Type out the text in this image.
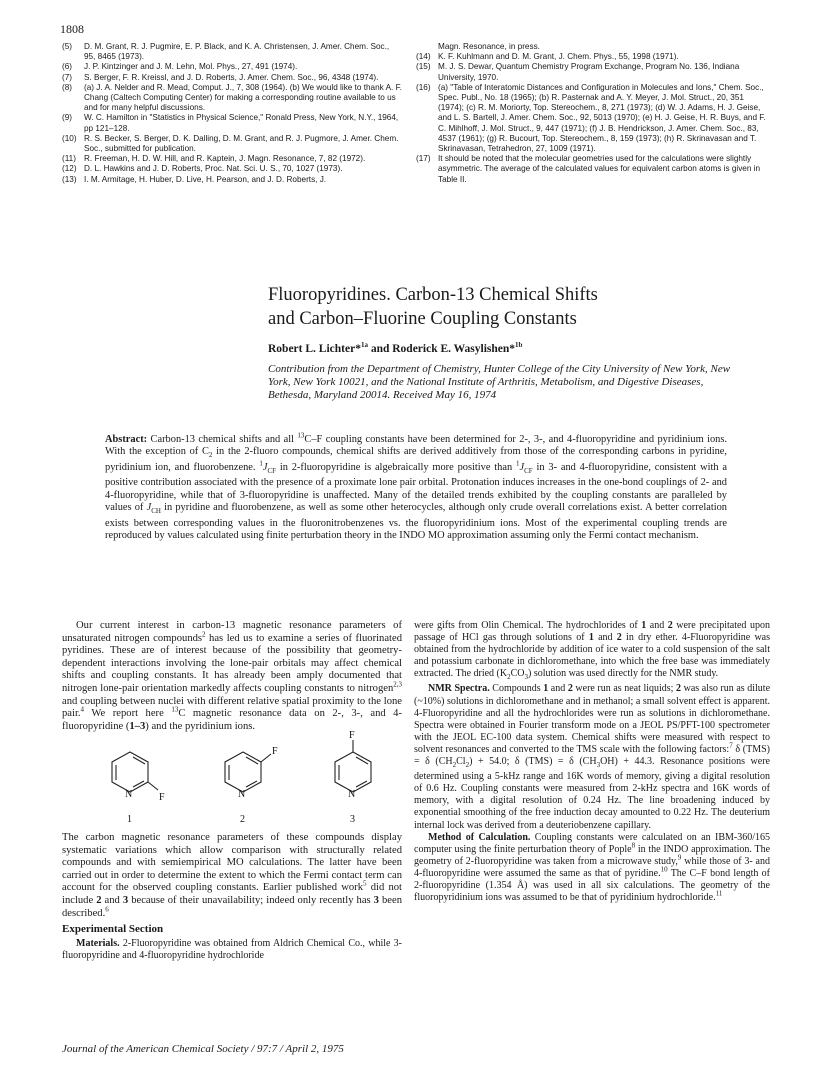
1808

(5) D. M. Grant, R. J. Pugmire, E. P. Black, and K. A. Christensen, J. Amer. Chem. Soc., 95, 8465 (1973).

(6) J. P. Kintzinger and J. M. Lehn, Mol. Phys., 27, 491 (1974).

(7) S. Berger, F. R. Kreissl, and J. D. Roberts, J. Amer. Chem. Soc., 96, 4348 (1974).

(8) (a) J. A. Nelder and R. Mead, Comput. J., 7, 308 (1964). (b) We would like to thank A. F. Chang (Caltech Computing Center) for making a corresponding routine available to us and for many helpful discussions.

(9) W. C. Hamilton in "Statistics in Physical Science," Ronald Press, New York, N.Y., 1964, pp 121–128.

(10) R. S. Becker, S. Berger, D. K. Dalling, D. M. Grant, and R. J. Pugmore, J. Amer. Chem. Soc., submitted for publication.

(11) R. Freeman, H. D. W. Hill, and R. Kaptein, J. Magn. Resonance, 7, 82 (1972).

(12) D. L. Hawkins and J. D. Roberts, Proc. Nat. Sci. U. S., 70, 1027 (1973).

(13) I. M. Armitage, H. Huber, D. Live, H. Pearson, and J. D. Roberts, J.

Magn. Resonance, in press.

(14) K. F. Kuhlmann and D. M. Grant, J. Chem. Phys., 55, 1998 (1971).

(15) M. J. S. Dewar, Quantum Chemistry Program Exchange, Program No. 136, Indiana University, 1970.

(16) (a) "Table of Interatomic Distances and Configuration in Molecules and Ions," Chem. Soc., Spec. Publ., No. 18 (1965); (b) R. Pasternak and A. Y. Meyer, J. Mol. Struct., 20, 351 (1974); (c) R. M. Moriorty, Top. Stereochem., 8, 271 (1973); (d) W. J. Adams, H. J. Geise, and L. S. Bartell, J. Amer. Chem. Soc., 92, 5013 (1970); (e) H. J. Geise, H. R. Buys, and F. C. Mihlhoff, J. Mol. Struct., 9, 447 (1971); (f) J. B. Hendrickson, J. Amer. Chem. Soc., 83, 4537 (1961); (g) R. Bucourt, Top. Stereochem., 8, 159 (1973); (h) R. Skrinavasan and T. Skrinavasan, Tetrahedron, 27, 1009 (1971).

(17) It should be noted that the molecular geometries used for the calculations were slightly asymmetric. The average of the calculated values for equivalent carbon atoms is given in Table II.

Fluoropyridines. Carbon-13 Chemical Shifts
and Carbon–Fluorine Coupling Constants
Robert L. Lichter*$^{1a}$ and Roderick E. Wasylishen*$^{1b}$
Contribution from the Department of Chemistry, Hunter College of the City University of New York, New York, New York 10021, and the National Institute of Arthritis, Metabolism, and Digestive Diseases, Bethesda, Maryland 20014. Received May 16, 1974
Abstract: Carbon-13 chemical shifts and all $^{13}$C–F coupling constants have been determined for 2-, 3-, and 4-fluoropyridine and pyridinium ions. With the exception of $C_2$ in the 2-fluoro compounds, chemical shifts are derived additively from those of the corresponding carbons in pyridine, pyridinium ion, and fluorobenzene. $^1J_{CF}$ in 2-fluoropyridine is algebraically more positive than $^1J_{CF}$ in 3- and 4-fluoropyridine, consistent with a positive contribution associated with the presence of a proximate lone pair orbital. Protonation induces increases in the one-bond couplings of 2- and 4-fluoropyridine, while that of 3-fluoropyridine is unaffected. Many of the detailed trends exhibited by the coupling constants are paralleled by values of $J_{CH}$ in pyridine and fluorobenzene, as well as some other heterocycles, although only crude overall correlations exist. A better correlation exists between corresponding values in the fluoronitrobenzenes vs. the fluoropyridinium ions. Most of the experimental coupling trends are reproduced by values calculated using finite perturbation theory in the INDO MO approximation assuming only the Fermi contact mechanism.

Our current interest in carbon-13 magnetic resonance parameters of unsaturated nitrogen compounds$^2$ has led us to examine a series of fluorinated pyridines. These are of interest because of the possibility that geometry-dependent interactions involving the lone-pair orbitals may affect chemical shifts and coupling constants. It has already been amply documented that nitrogen lone-pair orientation markedly affects coupling constants to nitrogen$^{2,3}$ and coupling between nuclei with different relative spatial proximity to the lone pair.$^4$ We report here $^{13}$C magnetic resonance data on 2-, 3-, and 4-fluoropyridine (1–3) and the pyridinium ions.

N	F	N
F
N
F
1	2	3

The carbon magnetic resonance parameters of these compounds display systematic variations which allow comparison with structurally related compounds and with semiempirical MO calculations. The latter have been carried out in order to determine the extent to which the Fermi contact term can account for the observed coupling constants. Earlier published work$^5$ did not include 2 and 3 because of their unavailability; indeed only recently has 3 been described.$^6$

Experimental Section

Materials. 2-Fluoropyridine was obtained from Aldrich Chemical Co., while 3-fluoropyridine and 4-fluoropyridine hydrochloride

were gifts from Olin Chemical. The hydrochlorides of 1 and 2 were precipitated upon passage of HCl gas through solutions of 1 and 2 in dry ether. 4-Fluoropyridine was obtained from the hydrochloride by addition of ice water to a cold suspension of the salt and potassium carbonate in dichloromethane, into which the free base was immediately extracted. The dried $(K_2CO_3)$ solution was used directly for the NMR study.

NMR Spectra. Compounds 1 and 2 were run as neat liquids; 2 was also run as dilute (~10%) solutions in dichloromethane and in methanol; a small solvent effect is apparent. 4-Fluoropyridine and all the hydrochlorides were run as solutions in dichloromethane. Spectra were obtained in Fourier transform mode on a JEOL PS/PFT-100 spectrometer with the JEOL EC-100 data system. Chemical shifts were measured with respect to solvent resonances and converted to the TMS scale with the following factors:$^7$ δ (TMS) = δ $(CH_2Cl_2) + 54.0$; δ (TMS) = δ $(CH_3OH) + 44.3$. Resonance positions were determined using a 5-kHz range and 16K words of memory, giving a digital resolution of 0.6 Hz. Coupling constants were measured from 2-kHz spectra and 16K words of memory, with a digital resolution of 0.24 Hz. The line broadening induced by exponential smoothing of the free induction decay amounted to 0.22 Hz. The deuterium internal lock was derived from a deuteriobenzene capillary.

Method of Calculation. Coupling constants were calculated on an IBM-360/165 computer using the finite perturbation theory of Pople$^8$ in the INDO approximation. The geometry of 2-fluoropyridine was taken from a microwave study,$^9$ while those of 3- and 4-fluoropyridine were assumed the same as that of pyridine.$^{10}$ The C–F bond length of 2-fluoropyridine (1.354 Å) was used in all six calculations. The geometry of the fluoropyridinium ions was assumed to be that of pyridinium hydrochloride.$^{11}$

Journal of the American Chemical Society / 97:7 / April 2, 1975
